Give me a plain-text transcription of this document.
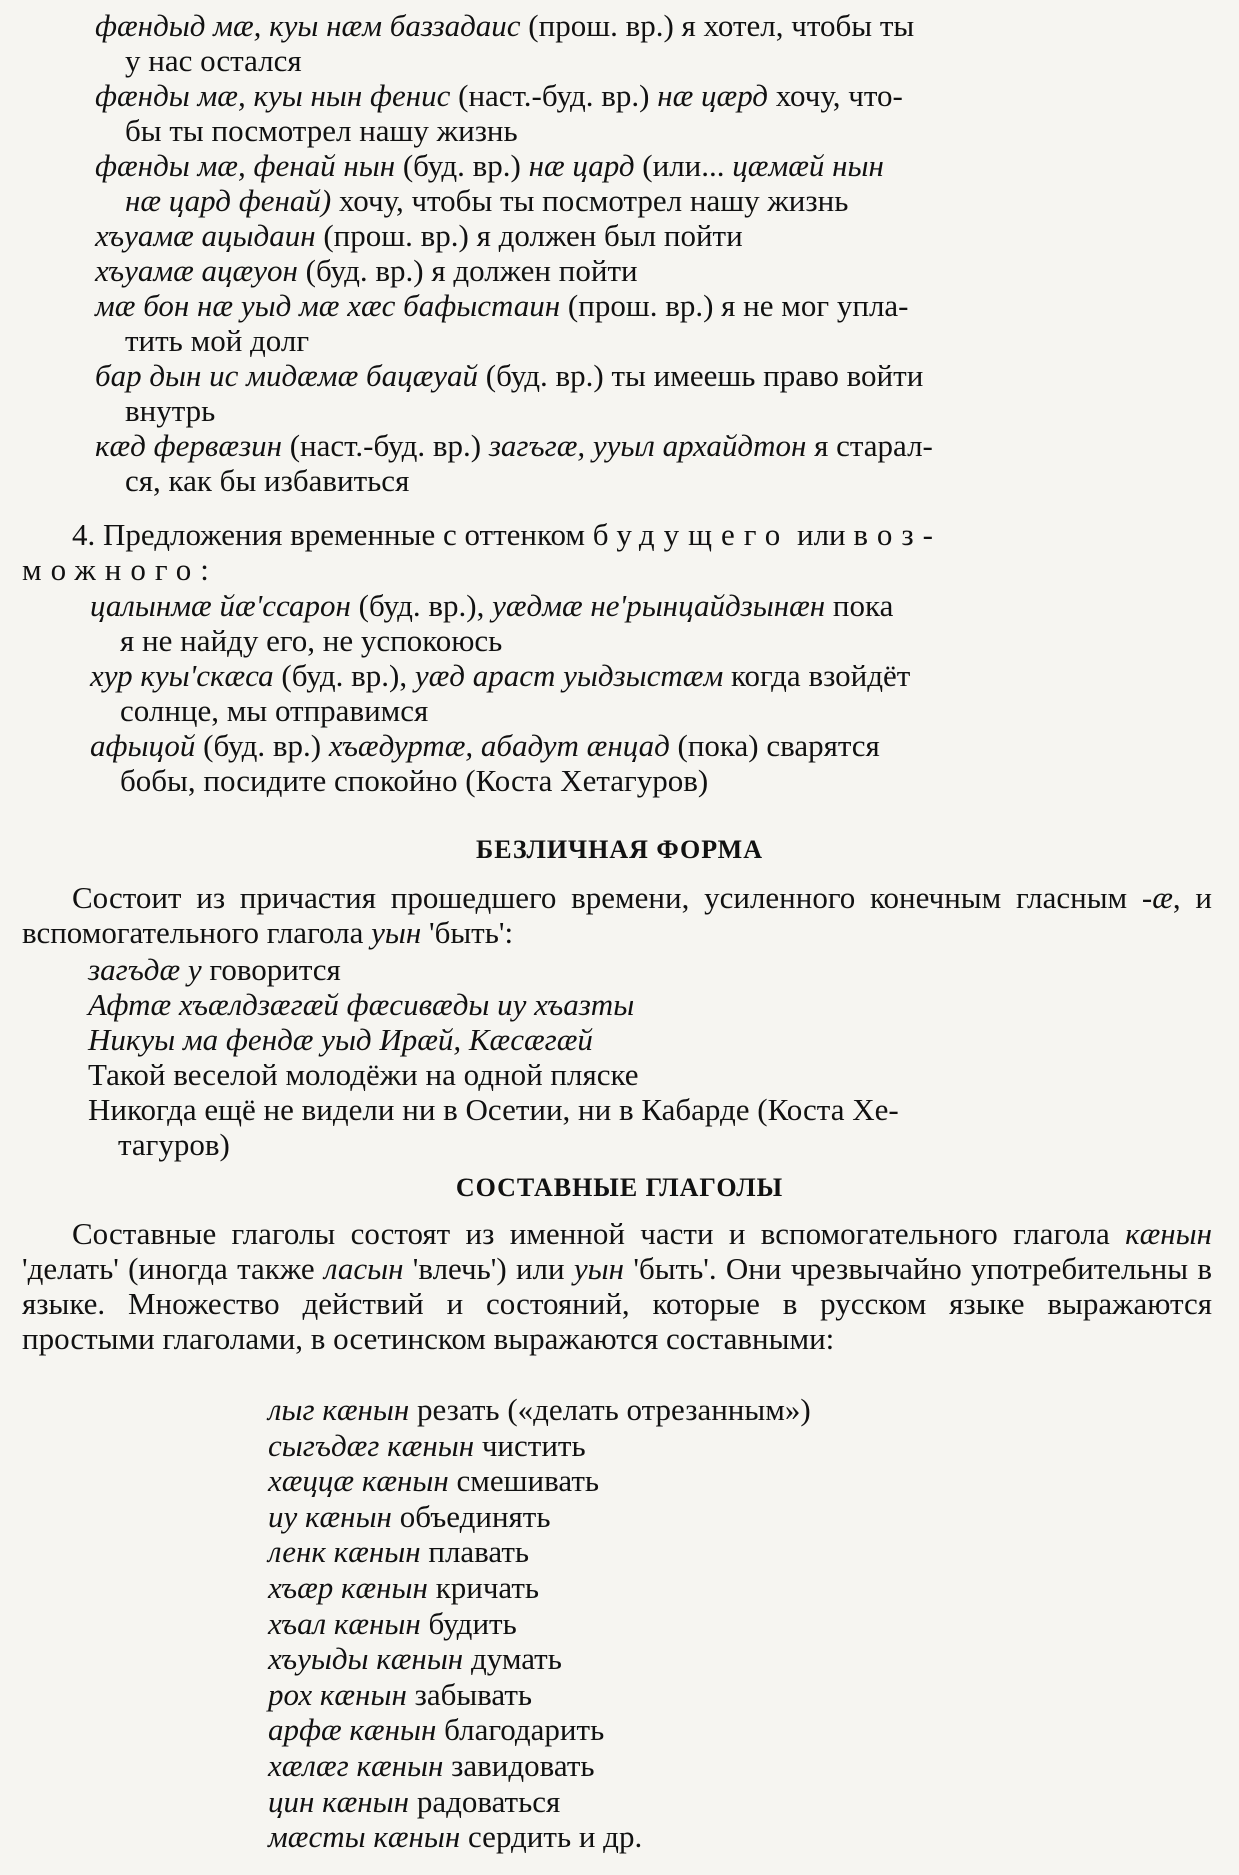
фæндыд мæ, куы нæм баззадаис (прош. вр.) я хотел, чтобы ты
у нас остался
фæнды мæ, куы нын фенис (наст.-буд. вр.) нæ цæрд хочу, что-
бы ты посмотрел нашу жизнь
фæнды мæ, фенай нын (буд. вр.) нæ цард (или... цæмæй нын
нæ цард фенай) хочу, чтобы ты посмотрел нашу жизнь
хъуамæ ацыдаин (прош. вр.) я должен был пойти
хъуамæ ацæуон (буд. вр.) я должен пойти
мæ бон нæ уыд мæ хæс бафыстаин (прош. вр.) я не мог упла-
тить мой долг
бар дын ис мидæмæ бацæуай (буд. вр.) ты имеешь право войти
внутрь
кæд фервæзин (наст.-буд. вр.) загъгæ, ууыл архайдтон я старал-
ся, как бы избавиться
4. Предложения временные с оттенком будущего или воз-
можного:
цалынмæ йæ'ссарон (буд. вр.), уæдмæ не'рынцайдзынæн пока
я не найду его, не успокоюсь
хур куы'скæса (буд. вр.), уæд араст уыдзыстæм когда взойдёт
солнце, мы отправимся
афыцой (буд. вр.) хъæдуртæ, абадут æнцад (пока) сварятся
бобы, посидите спокойно (Коста Хетагуров)
БЕЗЛИЧНАЯ ФОРМА
Состоит из причастия прошедшего времени, усиленного конечным гласным -æ, и вспомогательного глагола уын 'быть':
загъдæ у говорится
Афтæ хъæлдзæгæй фæсивæды иу хъазты
Никуы ма фендæ уыд Ирæй, Кæсæгæй
Такой веселой молодёжи на одной пляске
Никогда ещё не видели ни в Осетии, ни в Кабарде (Коста Хе-
тагуров)
СОСТАВНЫЕ ГЛАГОЛЫ
Составные глаголы состоят из именной части и вспомогательного глагола кæнын 'делать' (иногда также ласын 'влечь') или уын 'быть'. Они чрезвычайно употребительны в языке. Множество действий и состояний, которые в русском языке выражаются простыми глаголами, в осетинском выражаются составными:
лыг кæнын резать («делать отрезанным»)
сыгъдæг кæнын чистить
хæццæ кæнын смешивать
иу кæнын объединять
ленк кæнын плавать
хъæр кæнын кричать
хъал кæнын будить
хъуыды кæнын думать
рох кæнын забывать
арфæ кæнын благодарить
хæлæг кæнын завидовать
цин кæнын радоваться
мæсты кæнын сердить и др.
